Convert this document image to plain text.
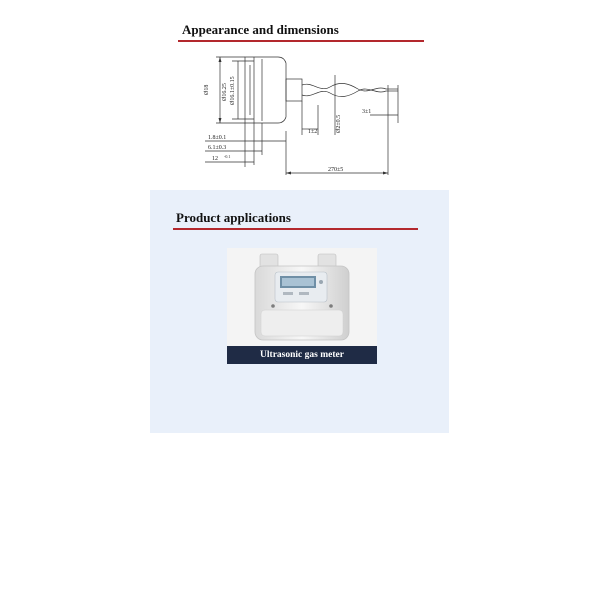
Appearance and dimensions
Ø18 Ø16.25 Ø16.1±0.15
Ø2±0.5
1±2
3±1
1.8±0.1
6.1±0.3
12 -0.1
270±5
Product applications
Ultrasonic gas meter
